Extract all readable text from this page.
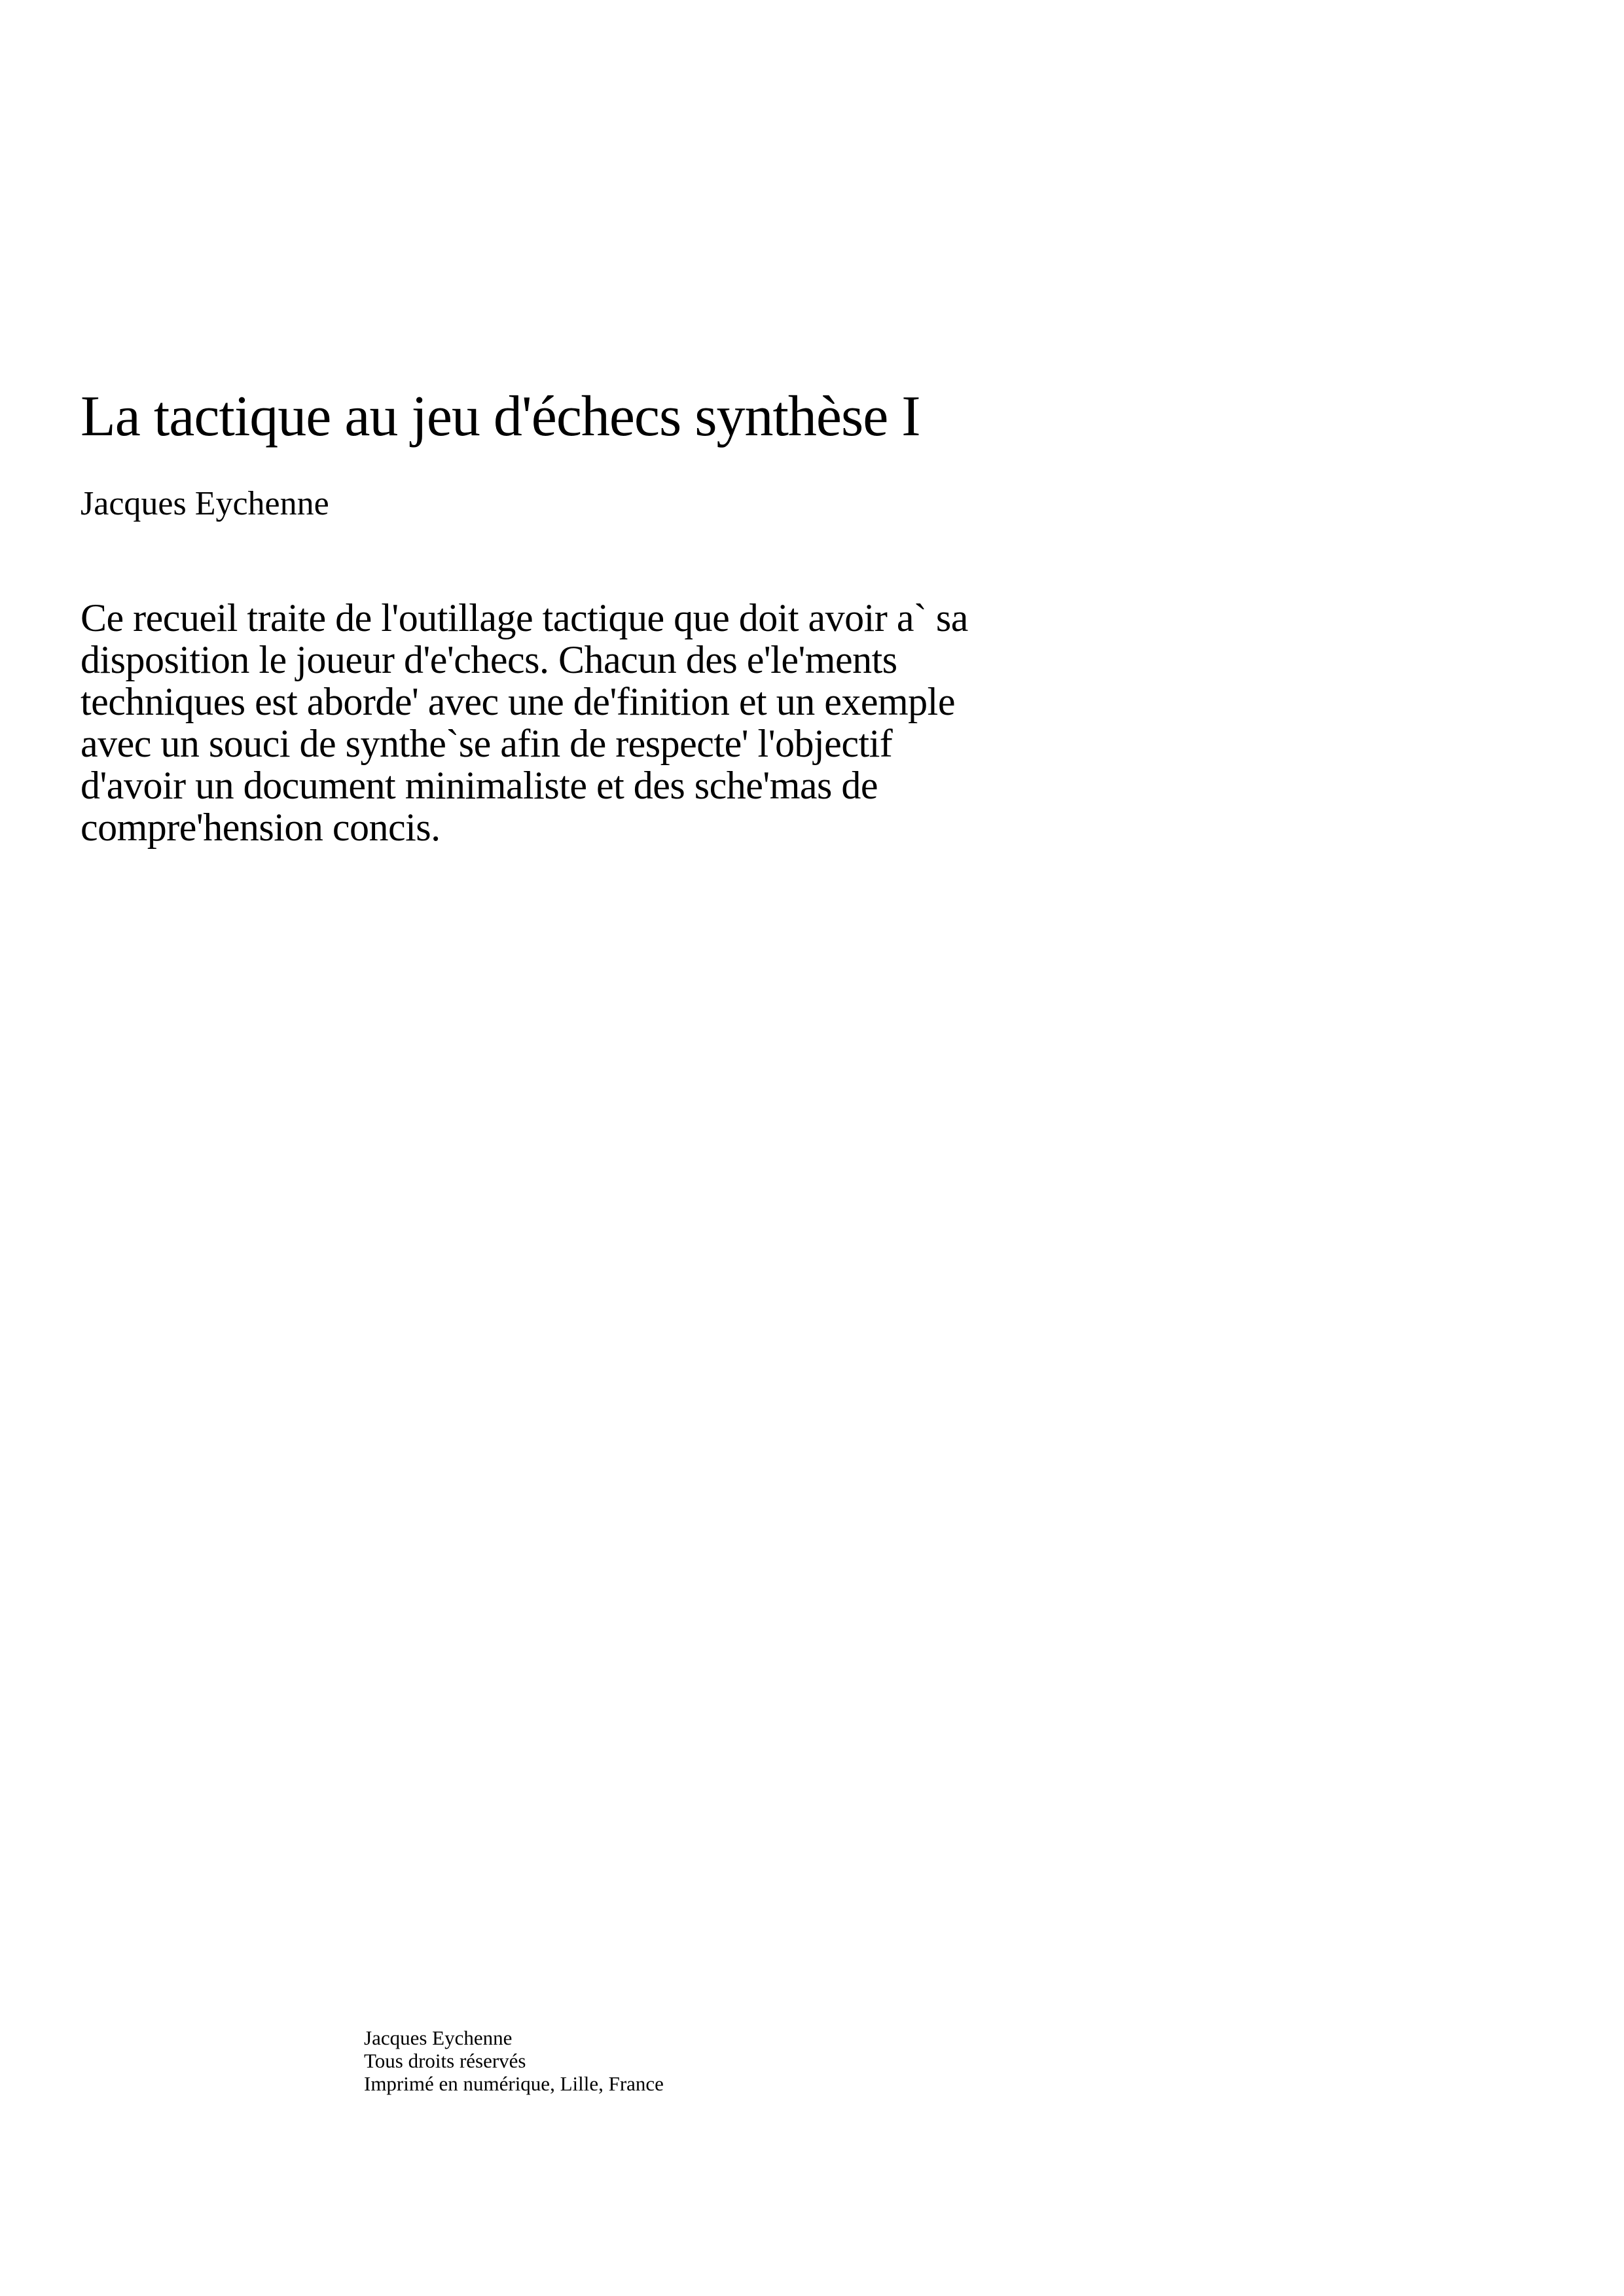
La tactique au jeu d'échecs synthèse I
Jacques Eychenne
Ce recueil traite de l'outillage tactique que doit avoir a` sa
disposition le joueur d'e'checs. Chacun des e'le'ments
techniques est aborde' avec une de'finition et un exemple
avec un souci de synthe`se afin de respecte' l'objectif
d'avoir un document minimaliste et des sche'mas de
compre'hension concis.
Jacques Eychenne
Tous droits réservés
Imprimé en numérique, Lille, France
